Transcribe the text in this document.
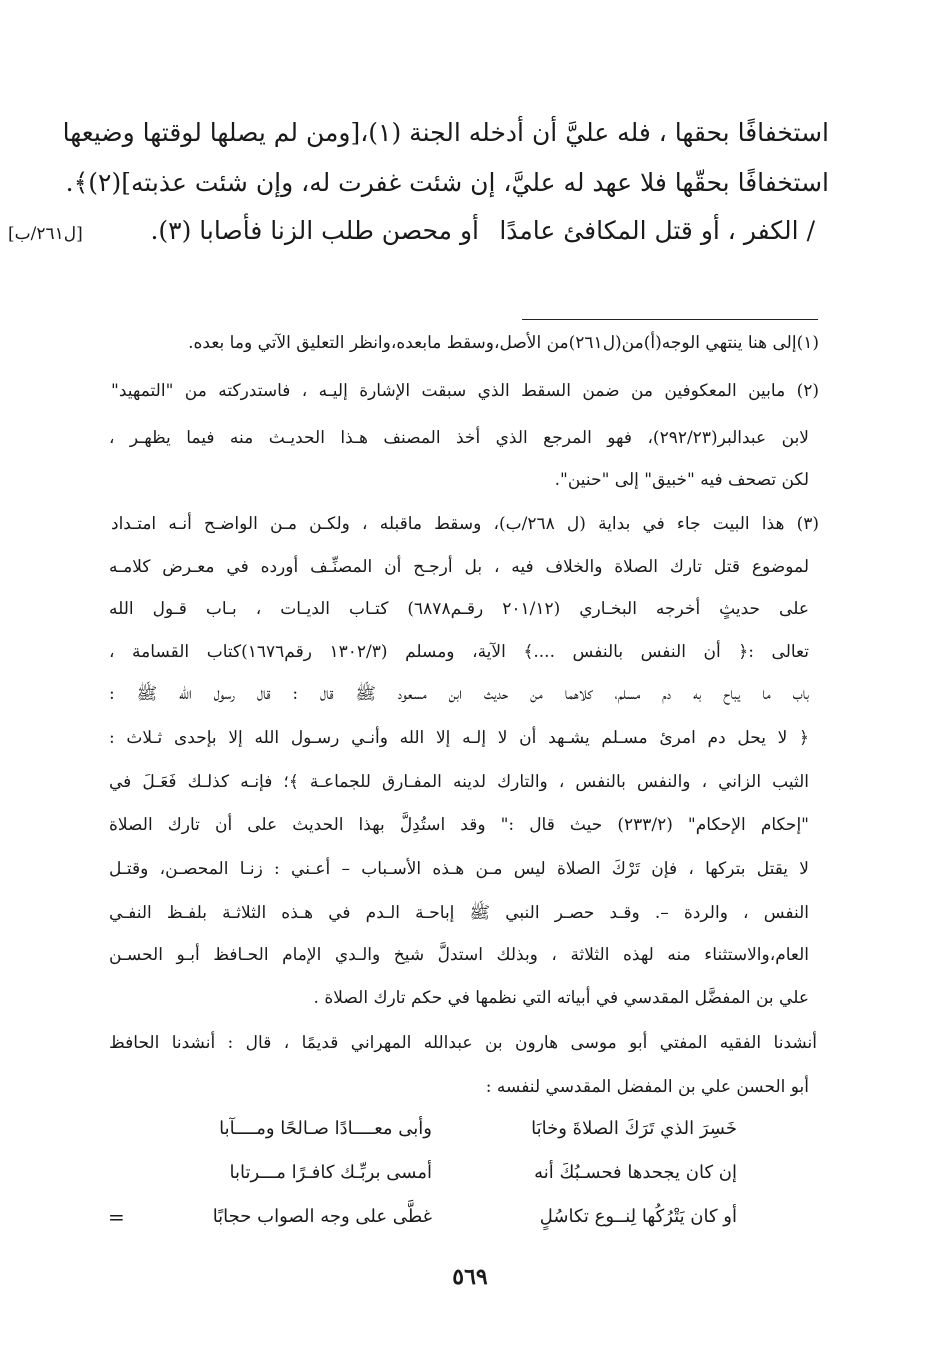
استخفافًا بحقها ، فله عليَّ أن أدخله الجنة (١)،[ومن لم يصلها لوقتها وضيعها
استخفافًا بحقّها فلا عهد له عليَّ، إن شئت غفرت له، وإن شئت عذبته](٢)﴾.
/ الكفر ، أو قتل المكافئ عامدًا
أو محصن طلب الزنا فأصابا (٣).
[ل٢٦١/ب]
(١)إلى هنا ينتهي الوجه(أ)من(ل٢٦١)من الأصل،وسقط مابعده،وانظر التعليق الآتي وما بعده.
(٢) مابين المعكوفين من ضمن السقط الذي سبقت الإشارة إليـه ، فاستدركته من "التمهيد"
لابن عبدالبر(٢٩٢/٢٣)، فهو المرجع الذي أخذ المصنف هـذا الحديـث منه فيما يظهـر ،
لكن تصحف فيه "خبيق" إلى "حنين".
(٣) هذا البيت جاء في بداية (ل ٢٦٨/ب)، وسقط ماقبله ، ولكـن مـن الواضـح أنـه امتـداد
لموضوع قتل تارك الصلاة والخلاف فيه ، بل أرجـح أن المصنِّـف أورده في معـرض كلامـه
على حديثٍ أخرجه البخـاري (٢٠١/١٢ رقـم٦٨٧٨) كتـاب الديـات ، بـاب قـول الله
تعالى :﴿ أن النفس بالنفس ....﴾ الآية، ومسلم (١٣٠٢/٣ رقم١٦٧٦)كتاب القسامة ،
باب ما يباح به دم مسلم، كلاهما من حديث ابن مسعود ﷺ قال : قال رسول الله ﷺ :
﴿ لا يحل دم امرئ مسـلم يشـهد أن لا إلـه إلا الله وأنـي رسـول الله إلا بإحدى ثـلاث :
الثيب الزاني ، والنفس بالنفس ، والتارك لدينه المفـارق للجماعـة ﴾؛ فإنـه كذلـك فَعَـلَ في
"إحكام الإحكام" (٢٣٣/٢) حيث قال :" وقد استُدِلَّ بهذا الحديث على أن تارك الصلاة
لا يقتل بتركها ، فإن تَرْكَ الصلاة ليس مـن هـذه الأسـباب – أعـني : زنـا المحصـن، وقتـل
النفس ، والردة –. وقـد حصـر النبي ﷺ إباحـة الـدم في هـذه الثلاثـة بلفـظ النفـي
العام،والاستثناء منه لهذه الثلاثة ، وبذلك استدلَّ شيخ والـدي الإمام الحـافظ أبـو الحسـن
علي بن المفضَّل المقدسي في أبياته التي نظمها في حكم تارك الصلاة .
أنشدنا الفقيه المفتي أبو موسى هارون بن عبدالله المهراني قديمًا ، قال : أنشدنا الحافظ
أبو الحسن علي بن المفضل المقدسي لنفسه :
خَسِرَ الذي تَرَكَ الصلاةَ وخابَا
وأبى معــــادًا صـالحًا ومــــآبا
إن كان يجحدها فحسـبُكَ أنه
أمسى بربِّـك كافـرًا مـــرتابا
أو كان يَتْرُكُها لِنــوع تكاسُلٍ
غطَّى على وجه الصواب حجابًا
=
٥٦٩
